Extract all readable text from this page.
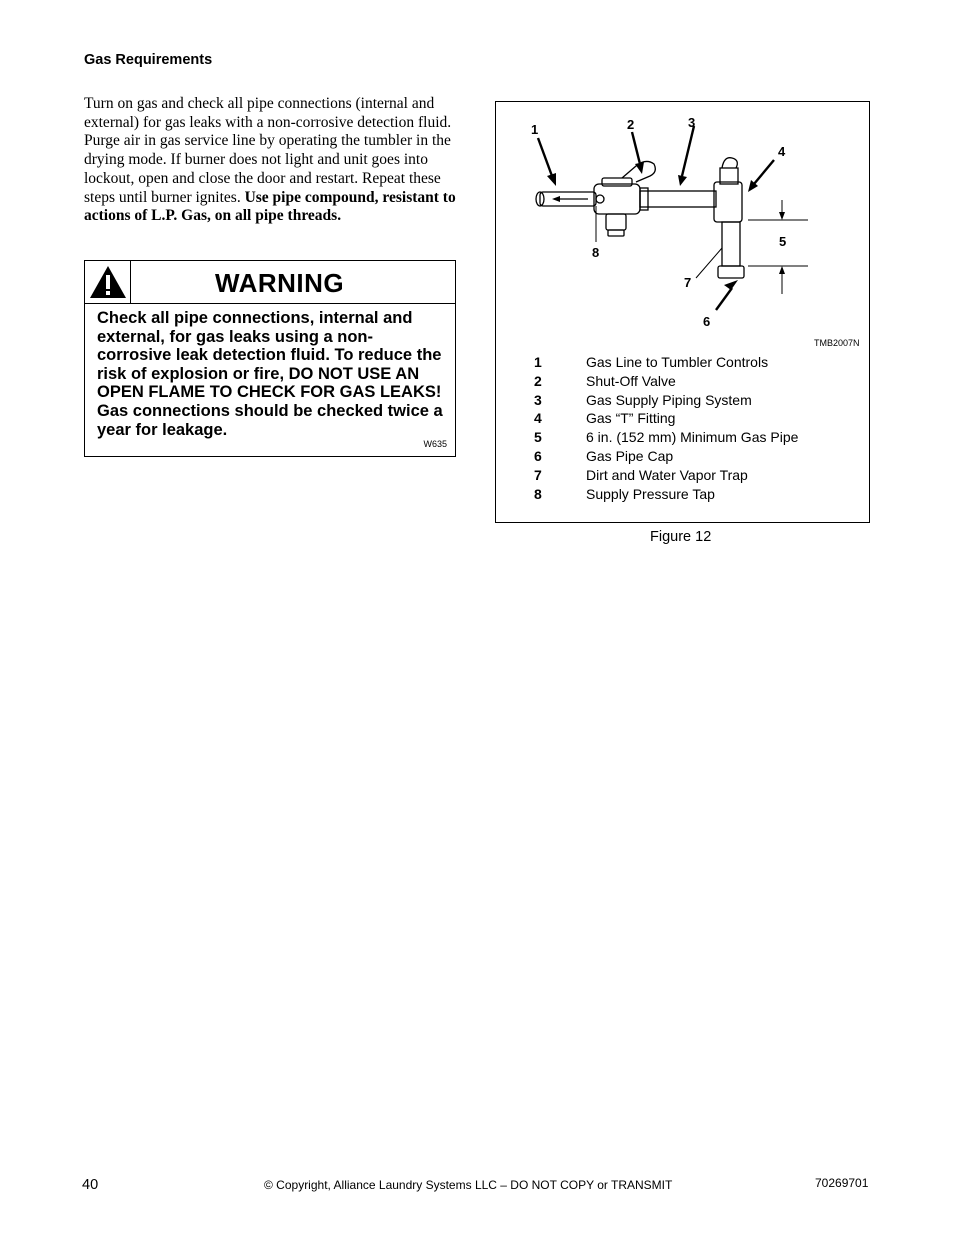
Gas Requirements
Turn on gas and check all pipe connections (internal and external) for gas leaks with a non-corrosive detection fluid. Purge air in gas service line by operating the tumbler in the drying mode. If burner does not light and unit goes into lockout, open and close the door and restart. Repeat these steps until burner ignites. Use pipe compound, resistant to actions of L.P. Gas, on all pipe threads.
WARNING
Check all pipe connections, internal and external, for gas leaks using a non-corrosive leak detection fluid. To reduce the risk of explosion or fire, DO NOT USE AN OPEN FLAME TO CHECK FOR GAS LEAKS! Gas connections should be checked twice a year for leakage.
W635
1	2	3
4
5
6
7
8
TMB2007N
1	Gas Line to Tumbler Controls
2	Shut-Off Valve
3	Gas Supply Piping System
4	Gas “T” Fitting
5	6 in. (152 mm) Minimum Gas Pipe
6	Gas Pipe Cap
7	Dirt and Water Vapor Trap
8	Supply Pressure Tap
Figure 12
40	© Copyright, Alliance Laundry Systems LLC – DO NOT COPY or TRANSMIT	70269701
